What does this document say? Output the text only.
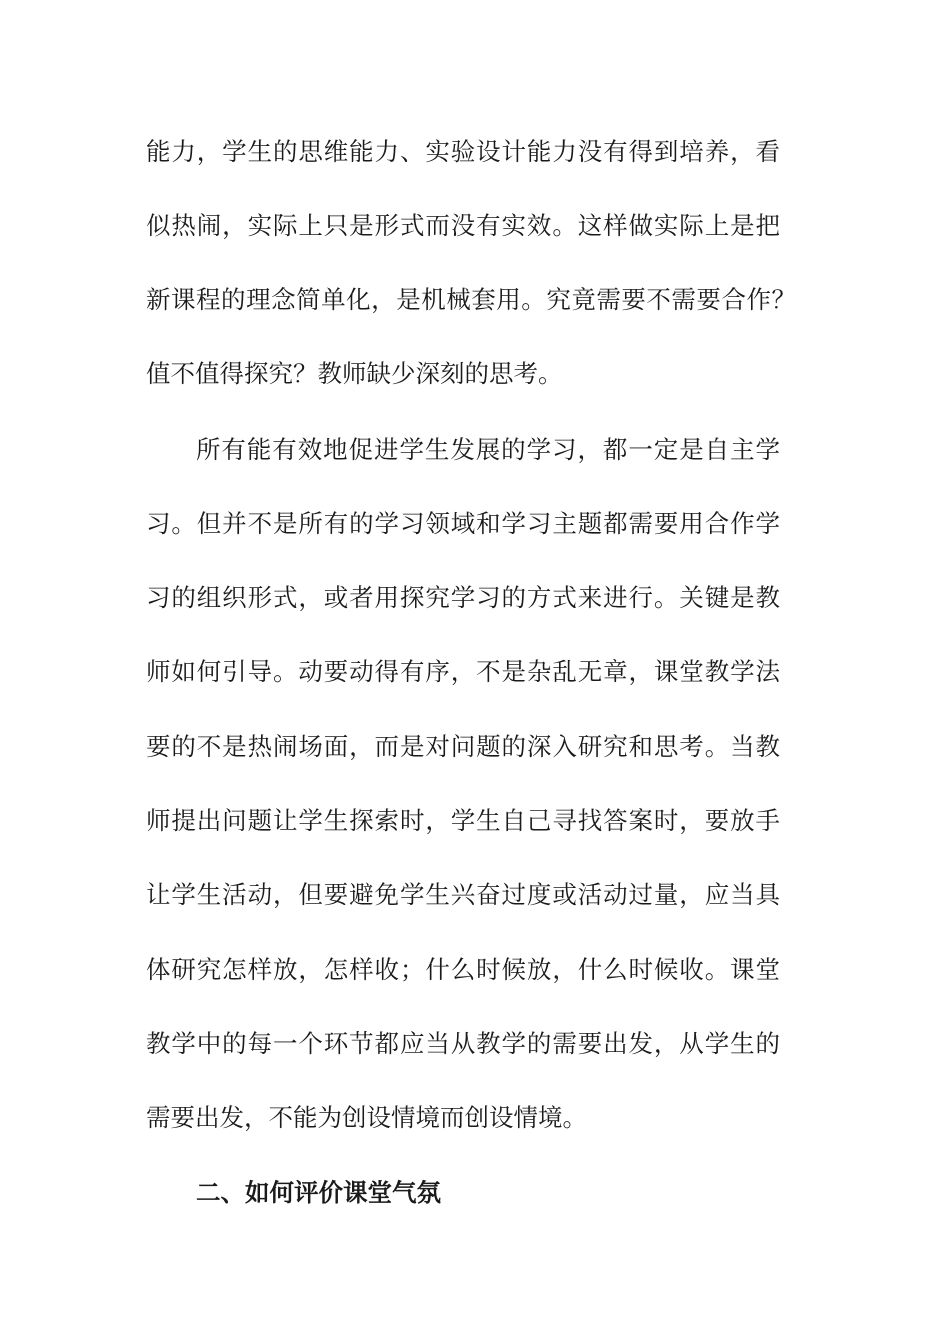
能力，学生的思维能力、实验设计能力没有得到培养，看
似热闹，实际上只是形式而没有实效。这样做实际上是把
新课程的理念简单化，是机械套用。究竟需要不需要合作？
值不值得探究？教师缺少深刻的思考。
所有能有效地促进学生发展的学习，都一定是自主学
习。但并不是所有的学习领域和学习主题都需要用合作学
习的组织形式，或者用探究学习的方式来进行。关键是教
师如何引导。动要动得有序，不是杂乱无章，课堂教学法
要的不是热闹场面，而是对问题的深入研究和思考。当教
师提出问题让学生探索时，学生自己寻找答案时，要放手
让学生活动，但要避免学生兴奋过度或活动过量，应当具
体研究怎样放，怎样收；什么时候放，什么时候收。课堂
教学中的每一个环节都应当从教学的需要出发，从学生的
需要出发，不能为创设情境而创设情境。
二、如何评价课堂气氛
